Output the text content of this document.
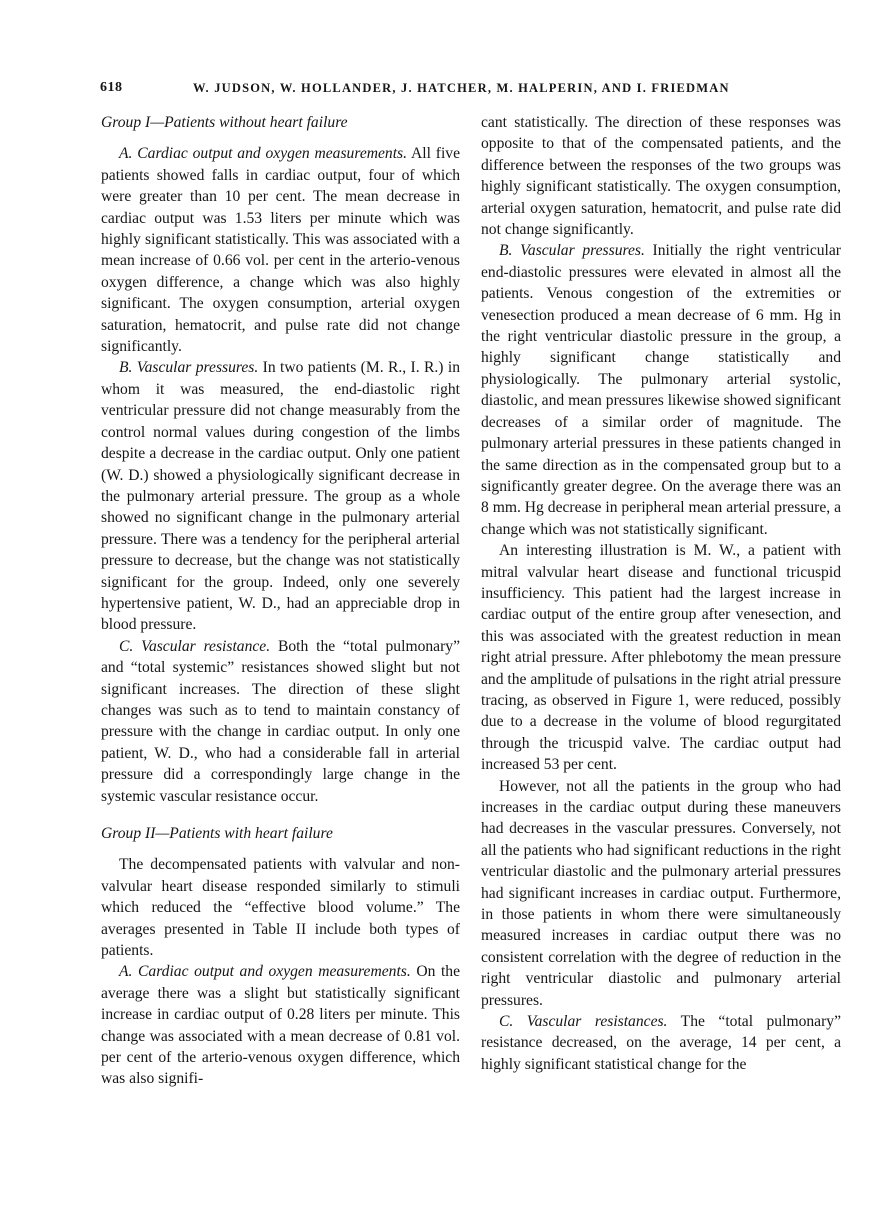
618	W. JUDSON, W. HOLLANDER, J. HATCHER, M. HALPERIN, AND I. FRIEDMAN

Group I—Patients without heart failure

A. Cardiac output and oxygen measurements. All five patients showed falls in cardiac output, four of which were greater than 10 per cent. The mean decrease in cardiac output was 1.53 liters per minute which was highly significant statistically. This was associated with a mean increase of 0.66 vol. per cent in the arterio-venous oxygen difference, a change which was also highly significant. The oxygen consumption, arterial oxygen saturation, hematocrit, and pulse rate did not change significantly.

B. Vascular pressures. In two patients (M. R., I. R.) in whom it was measured, the end-diastolic right ventricular pressure did not change measurably from the control normal values during congestion of the limbs despite a decrease in the cardiac output. Only one patient (W. D.) showed a physiologically significant decrease in the pulmonary arterial pressure. The group as a whole showed no significant change in the pulmonary arterial pressure. There was a tendency for the peripheral arterial pressure to decrease, but the change was not statistically significant for the group. Indeed, only one severely hypertensive patient, W. D., had an appreciable drop in blood pressure.

C. Vascular resistance. Both the “total pulmonary” and “total systemic” resistances showed slight but not significant increases. The direction of these slight changes was such as to tend to maintain constancy of pressure with the change in cardiac output. In only one patient, W. D., who had a considerable fall in arterial pressure did a correspondingly large change in the systemic vascular resistance occur.

Group II—Patients with heart failure

The decompensated patients with valvular and non-valvular heart disease responded similarly to stimuli which reduced the “effective blood volume.” The averages presented in Table II include both types of patients.

A. Cardiac output and oxygen measurements. On the average there was a slight but statistically significant increase in cardiac output of 0.28 liters per minute. This change was associated with a mean decrease of 0.81 vol. per cent of the arterio-venous oxygen difference, which was also signifi-

cant statistically. The direction of these responses was opposite to that of the compensated patients, and the difference between the responses of the two groups was highly significant statistically. The oxygen consumption, arterial oxygen saturation, hematocrit, and pulse rate did not change significantly.

B. Vascular pressures. Initially the right ventricular end-diastolic pressures were elevated in almost all the patients. Venous congestion of the extremities or venesection produced a mean decrease of 6 mm. Hg in the right ventricular diastolic pressure in the group, a highly significant change statistically and physiologically. The pulmonary arterial systolic, diastolic, and mean pressures likewise showed significant decreases of a similar order of magnitude. The pulmonary arterial pressures in these patients changed in the same direction as in the compensated group but to a significantly greater degree. On the average there was an 8 mm. Hg decrease in peripheral mean arterial pressure, a change which was not statistically significant.

An interesting illustration is M. W., a patient with mitral valvular heart disease and functional tricuspid insufficiency. This patient had the largest increase in cardiac output of the entire group after venesection, and this was associated with the greatest reduction in mean right atrial pressure. After phlebotomy the mean pressure and the amplitude of pulsations in the right atrial pressure tracing, as observed in Figure 1, were reduced, possibly due to a decrease in the volume of blood regurgitated through the tricuspid valve. The cardiac output had increased 53 per cent.

However, not all the patients in the group who had increases in the cardiac output during these maneuvers had decreases in the vascular pressures. Conversely, not all the patients who had significant reductions in the right ventricular diastolic and the pulmonary arterial pressures had significant increases in cardiac output. Furthermore, in those patients in whom there were simultaneously measured increases in cardiac output there was no consistent correlation with the degree of reduction in the right ventricular diastolic and pulmonary arterial pressures.

C. Vascular resistances. The “total pulmonary” resistance decreased, on the average, 14 per cent, a highly significant statistical change for the
